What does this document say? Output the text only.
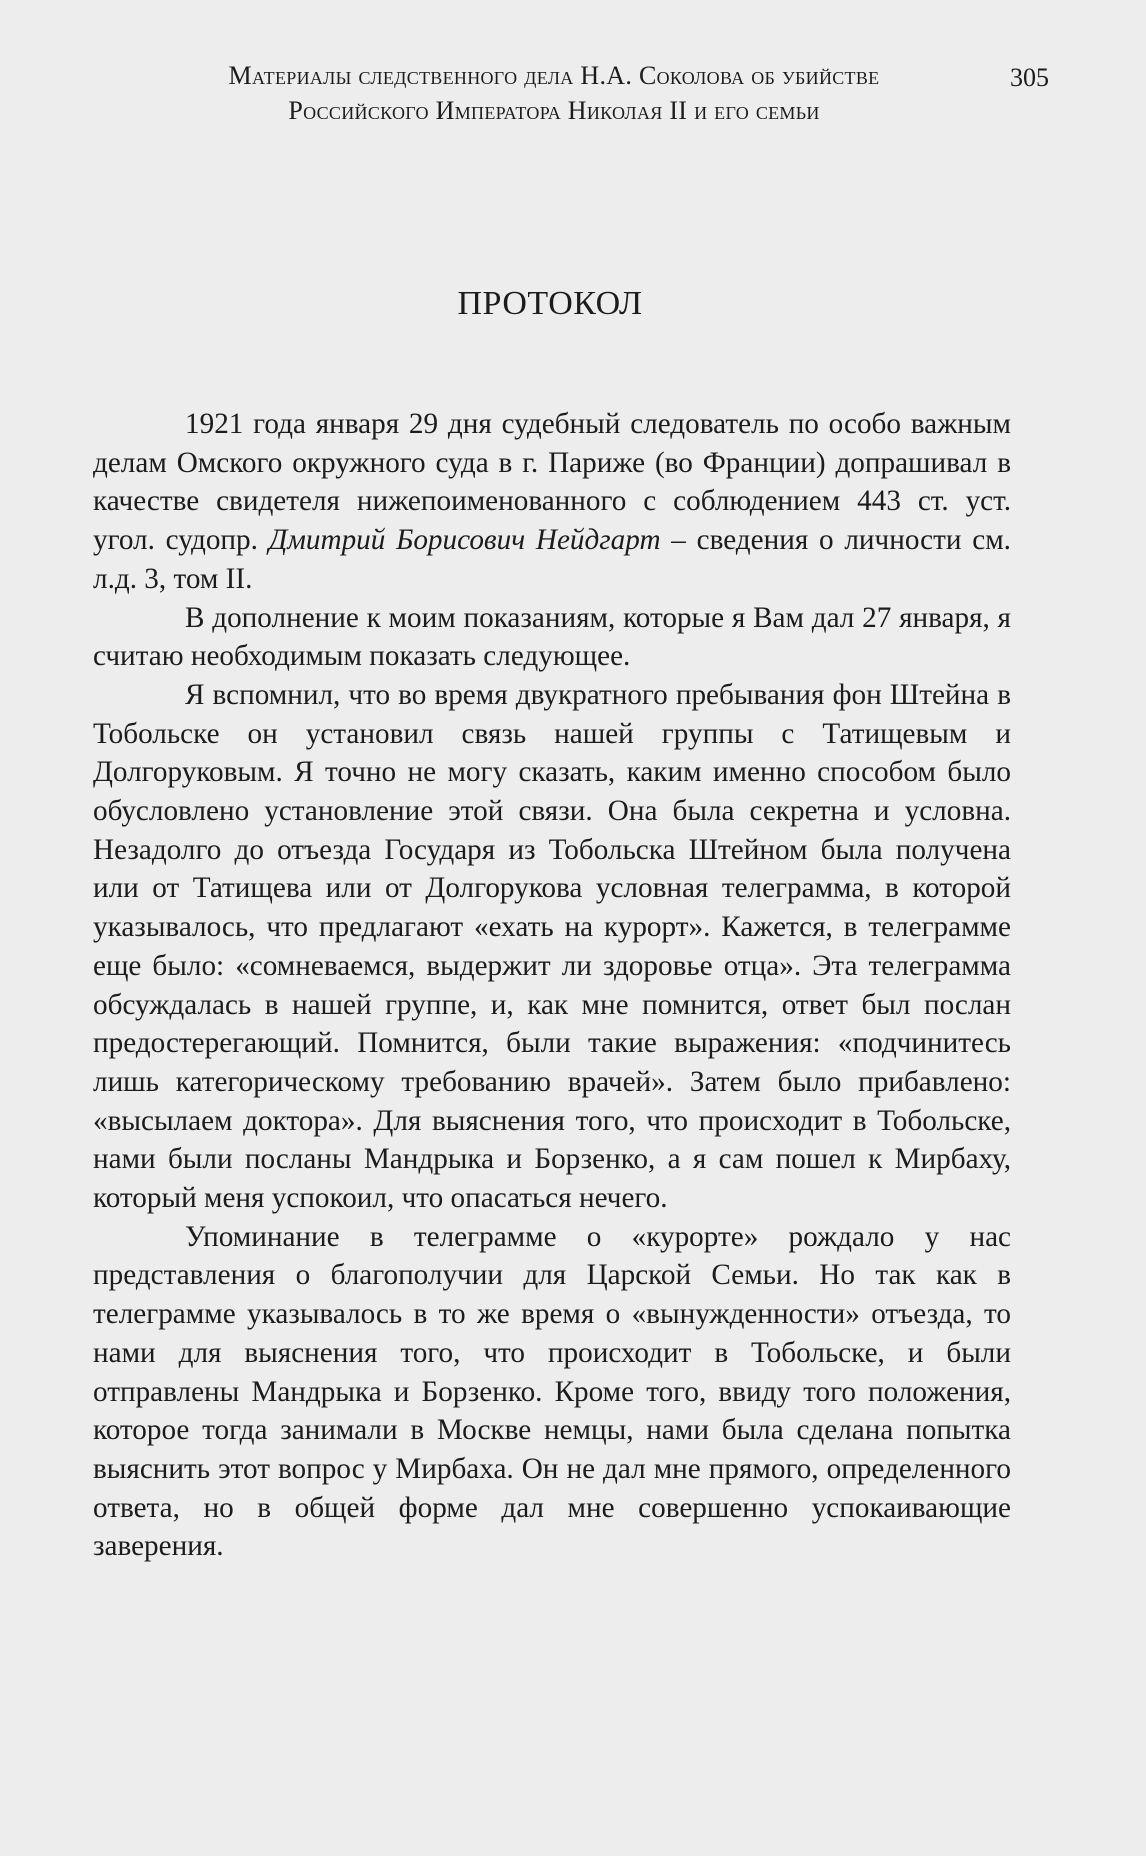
Материалы следственного дела Н.А. Соколова об убийстве
Российского Императора Николая II и его семьи
305
ПРОТОКОЛ

1921 года января 29 дня судебный следователь по особо важным делам Омского окружного суда в г. Париже (во Франции) допрашивал в качестве свидетеля нижепоименованного с соблюдением 443 ст. уст. угол. судопр. Дмитрий Борисович Нейдгарт – сведения о личности см. л.д. 3, том II.

В дополнение к моим показаниям, которые я Вам дал 27 января, я считаю необходимым показать следующее.

Я вспомнил, что во время двукратного пребывания фон Штейна в Тобольске он установил связь нашей группы с Татищевым и Долгоруковым. Я точно не могу сказать, каким именно способом было обусловлено установление этой связи. Она была секретна и условна. Незадолго до отъезда Государя из Тобольска Штейном была получена или от Татищева или от Долгорукова условная телеграмма, в которой указывалось, что предлагают «ехать на курорт». Кажется, в телеграмме еще было: «сомневаемся, выдержит ли здоровье отца». Эта телеграмма обсуждалась в нашей группе, и, как мне помнится, ответ был послан предостерегающий. Помнится, были такие выражения: «подчинитесь лишь категорическому требованию врачей». Затем было прибавлено: «высылаем доктора». Для выяснения того, что происходит в Тобольске, нами были посланы Мандрыка и Борзенко, а я сам пошел к Мирбаху, который меня успокоил, что опасаться нечего.

Упоминание в телеграмме о «курорте» рождало у нас представления о благополучии для Царской Семьи. Но так как в телеграмме указывалось в то же время о «вынужденности» отъезда, то нами для выяснения того, что происходит в Тобольске, и были отправлены Мандрыка и Борзенко. Кроме того, ввиду того положения, которое тогда занимали в Москве немцы, нами была сделана попытка выяснить этот вопрос у Мирбаха. Он не дал мне прямого, определенного ответа, но в общей форме дал мне совершенно успокаивающие заверения.
